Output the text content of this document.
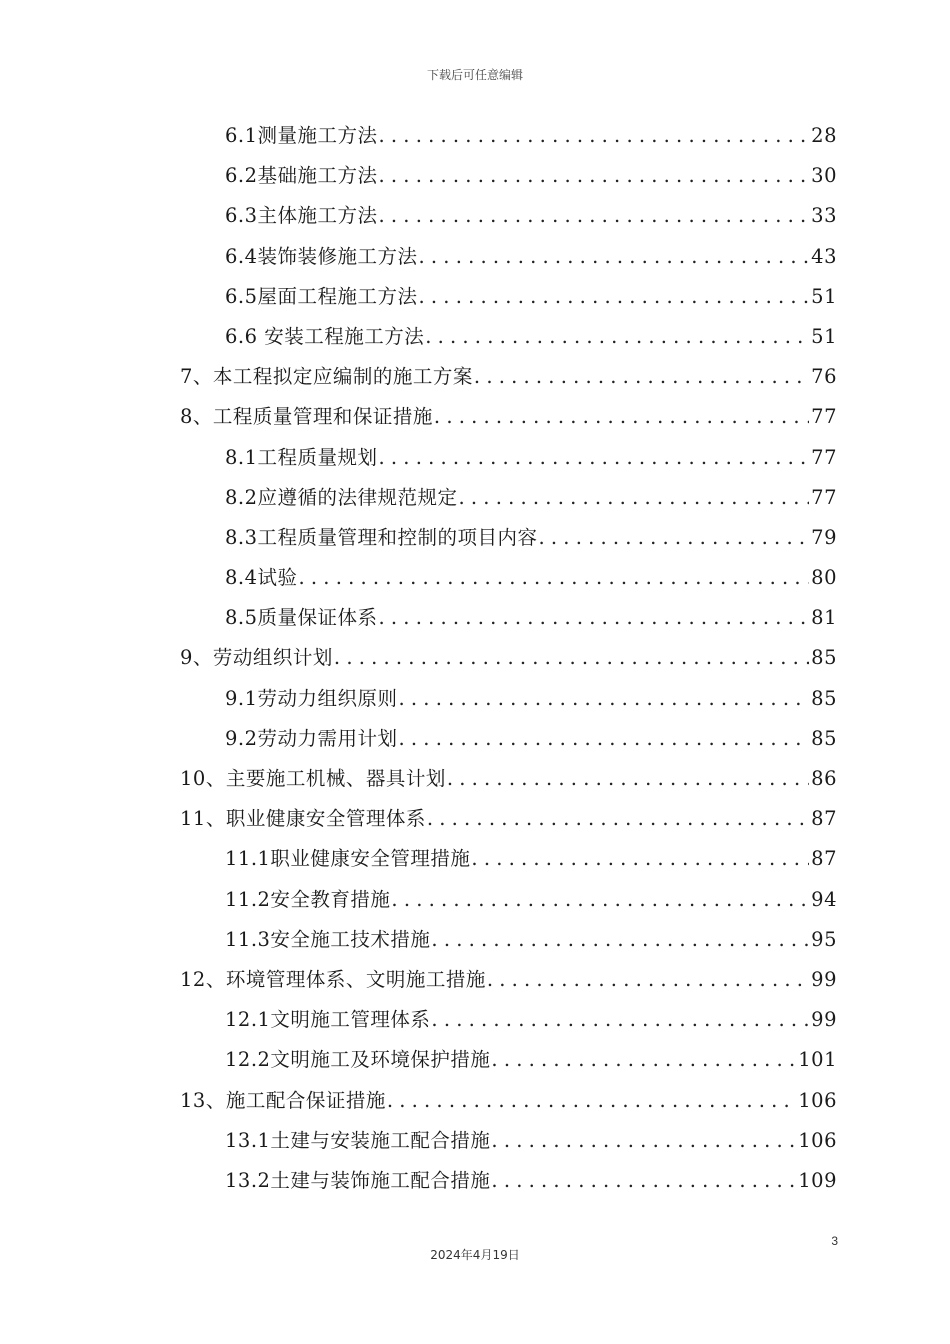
下载后可任意编辑
6.1测量施工方法 . . .	28
6.2基础施工方法 . . .	30
6.3主体施工方法 . . .	33
6.4装饰装修施工方法 . . .	43
6.5屋面工程施工方法 . . .	51
6.6 安装工程施工方法 . . .	51
7、本工程拟定应编制的施工方案 . . .	76
8、工程质量管理和保证措施 . . .	77
8.1工程质量规划 . . .	77
8.2应遵循的法律规范规定 . . .	77
8.3工程质量管理和控制的项目内容 . . .	79
8.4试验 . . .	80
8.5质量保证体系 . . .	81
9、劳动组织计划 . . .	85
9.1劳动力组织原则 . . .	85
9.2劳动力需用计划 . . .	85
10、主要施工机械、器具计划 . . .	86
11、职业健康安全管理体系 . . .	87
11.1职业健康安全管理措施 . . .	87
11.2安全教育措施 . . .	94
11.3安全施工技术措施 . . .	95
12、环境管理体系、文明施工措施 . . .	99
12.1文明施工管理体系 . . .	99
12.2文明施工及环境保护措施 . . .	101
13、施工配合保证措施 . . .	106
13.1土建与安装施工配合措施 . . .	106
13.2土建与装饰施工配合措施 . . .	109
3
2024年4月19日
